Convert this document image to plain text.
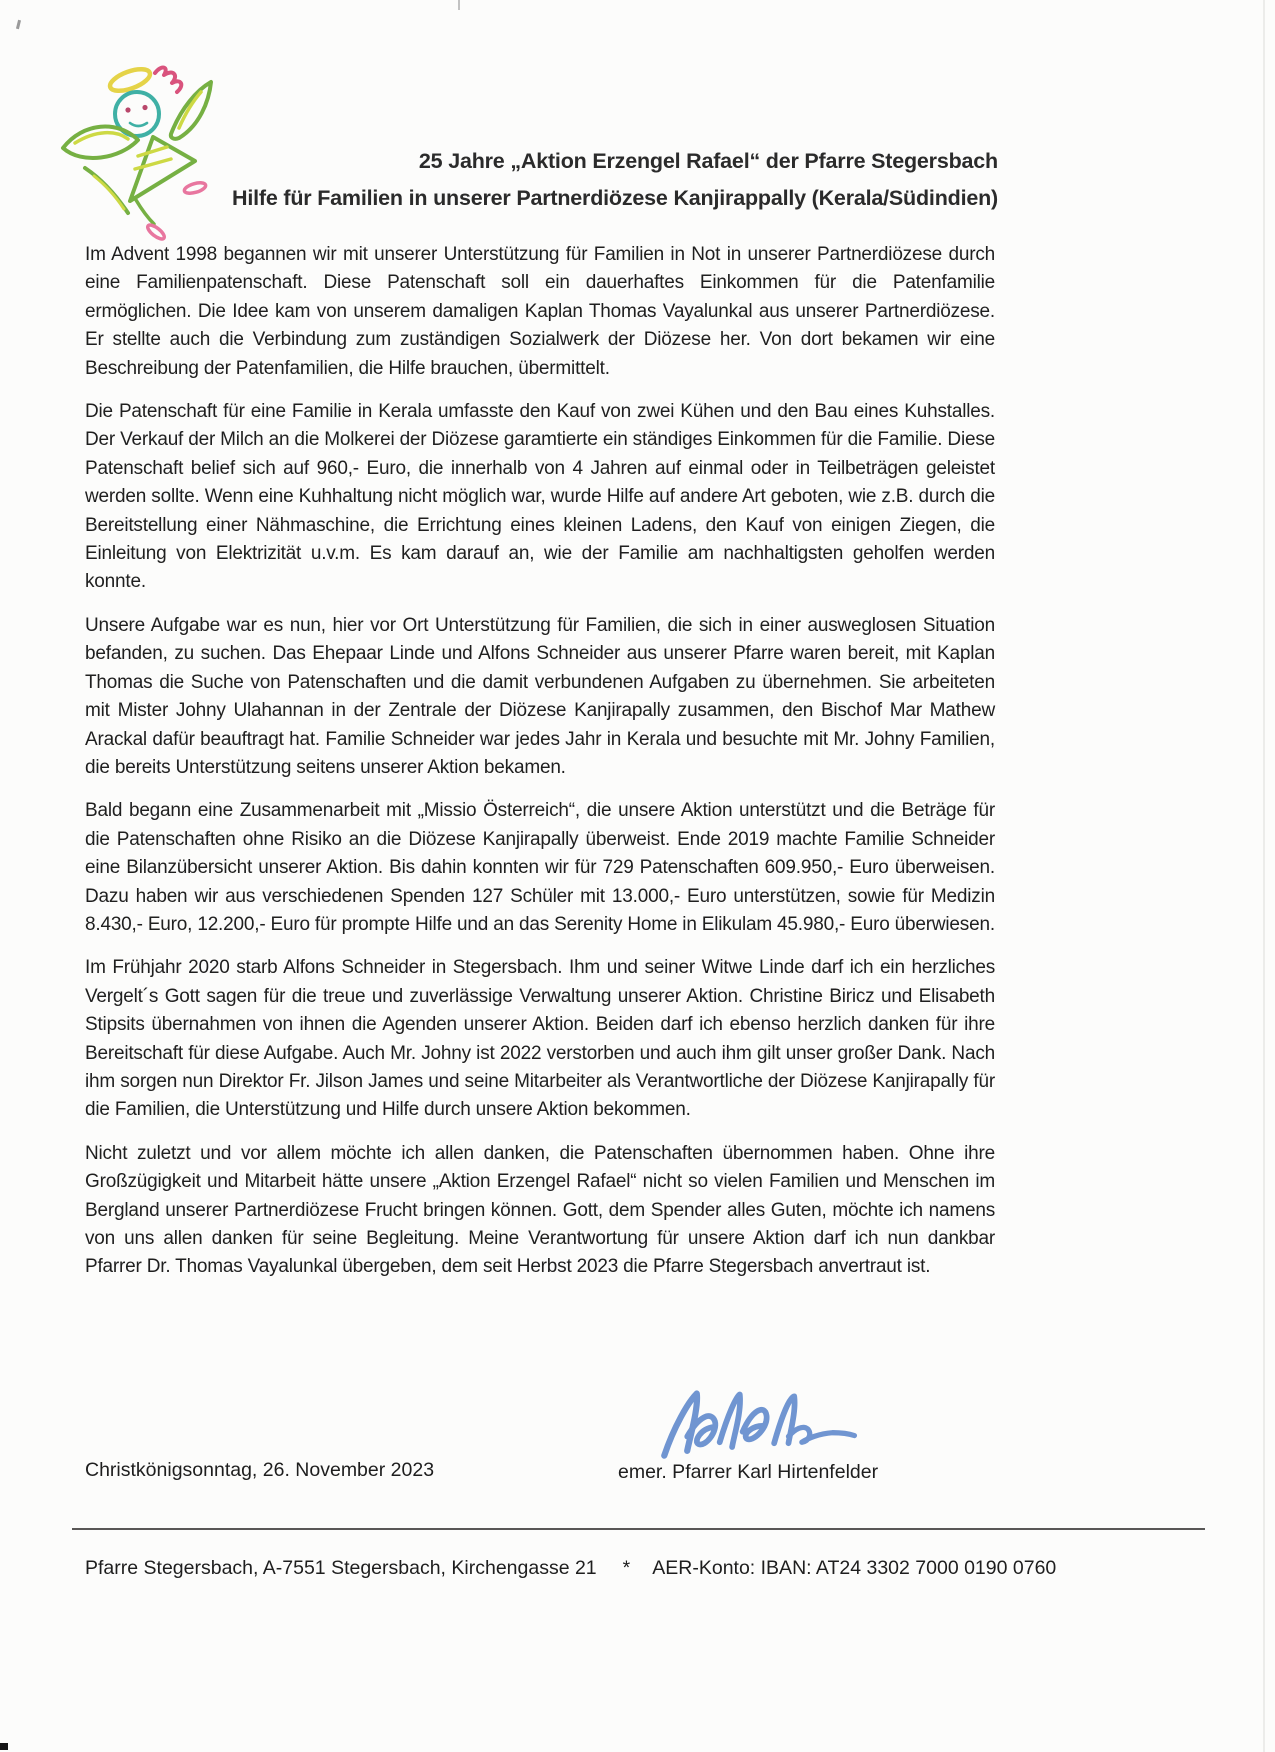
25 Jahre „Aktion Erzengel Rafael“ der Pfarre Stegersbach
Hilfe für Familien in unserer Partnerdiözese Kanjirappally (Kerala/Südindien)

Im Advent 1998 begannen wir mit unserer Unterstützung für Familien in Not in unserer Partnerdiözese durch eine Familienpatenschaft. Diese Patenschaft soll ein dauerhaftes Einkommen für die Patenfamilie ermöglichen. Die Idee kam von unserem damaligen Kaplan Thomas Vayalunkal aus unserer Partnerdiözese. Er stellte auch die Verbindung zum zuständigen Sozialwerk der Diözese her. Von dort bekamen wir eine Beschreibung der Patenfamilien, die Hilfe brauchen, übermittelt.

Die Patenschaft für eine Familie in Kerala umfasste den Kauf von zwei Kühen und den Bau eines Kuhstalles. Der Verkauf der Milch an die Molkerei der Diözese garamtierte ein ständiges Einkommen für die Familie. Diese Patenschaft belief sich auf 960,- Euro, die innerhalb von 4 Jahren auf einmal oder in Teilbeträgen geleistet werden sollte. Wenn eine Kuhhaltung nicht möglich war, wurde Hilfe auf andere Art geboten, wie z.B. durch die Bereitstellung einer Nähmaschine, die Errichtung eines kleinen Ladens, den Kauf von einigen Ziegen, die Einleitung von Elektrizität u.v.m. Es kam darauf an, wie der Familie am nachhaltigsten geholfen werden konnte.

Unsere Aufgabe war es nun, hier vor Ort Unterstützung für Familien, die sich in einer ausweglosen Situation befanden, zu suchen. Das Ehepaar Linde und Alfons Schneider aus unserer Pfarre waren bereit, mit Kaplan Thomas die Suche von Patenschaften und die damit verbundenen Aufgaben zu übernehmen. Sie arbeiteten mit Mister Johny Ulahannan in der Zentrale der Diözese Kanjirapally zusammen, den Bischof Mar Mathew Arackal dafür beauftragt hat. Familie Schneider war jedes Jahr in Kerala und besuchte mit Mr. Johny Familien, die bereits Unterstützung seitens unserer Aktion bekamen.

Bald begann eine Zusammenarbeit mit „Missio Österreich“, die unsere Aktion unterstützt und die Beträge für die Patenschaften ohne Risiko an die Diözese Kanjirapally überweist. Ende 2019 machte Familie Schneider eine Bilanzübersicht unserer Aktion. Bis dahin konnten wir für 729 Patenschaften 609.950,- Euro überweisen. Dazu haben wir aus verschiedenen Spenden 127 Schüler mit 13.000,- Euro unterstützen, sowie für Medizin 8.430,- Euro, 12.200,- Euro für prompte Hilfe und an das Serenity Home in Elikulam 45.980,- Euro überwiesen.

Im Frühjahr 2020 starb Alfons Schneider in Stegersbach. Ihm und seiner Witwe Linde darf ich ein herzliches Vergelt´s Gott sagen für die treue und zuverlässige Verwaltung unserer Aktion. Christine Biricz und Elisabeth Stipsits übernahmen von ihnen die Agenden unserer Aktion. Beiden darf ich ebenso herzlich danken für ihre Bereitschaft für diese Aufgabe. Auch Mr. Johny ist 2022 verstorben und auch ihm gilt unser großer Dank. Nach ihm sorgen nun Direktor Fr. Jilson James und seine Mitarbeiter als Verantwortliche der Diözese Kanjirapally für die Familien, die Unterstützung und Hilfe durch unsere Aktion bekommen.

Nicht zuletzt und vor allem möchte ich allen danken, die Patenschaften übernommen haben. Ohne ihre Großzügigkeit und Mitarbeit hätte unsere „Aktion Erzengel Rafael“ nicht so vielen Familien und Menschen im Bergland unserer Partnerdiözese Frucht bringen können. Gott, dem Spender alles Guten, möchte ich namens von uns allen danken für seine Begleitung. Meine Verantwortung für unsere Aktion darf ich nun dankbar Pfarrer Dr. Thomas Vayalunkal übergeben, dem seit Herbst 2023 die Pfarre Stegersbach anvertraut ist.

Christkönigsonntag, 26. November 2023	emer. Pfarrer Karl Hirtenfelder
Pfarre Stegersbach, A-7551 Stegersbach, Kirchengasse 21 * AER-Konto: IBAN: AT24 3302 7000 0190 0760
